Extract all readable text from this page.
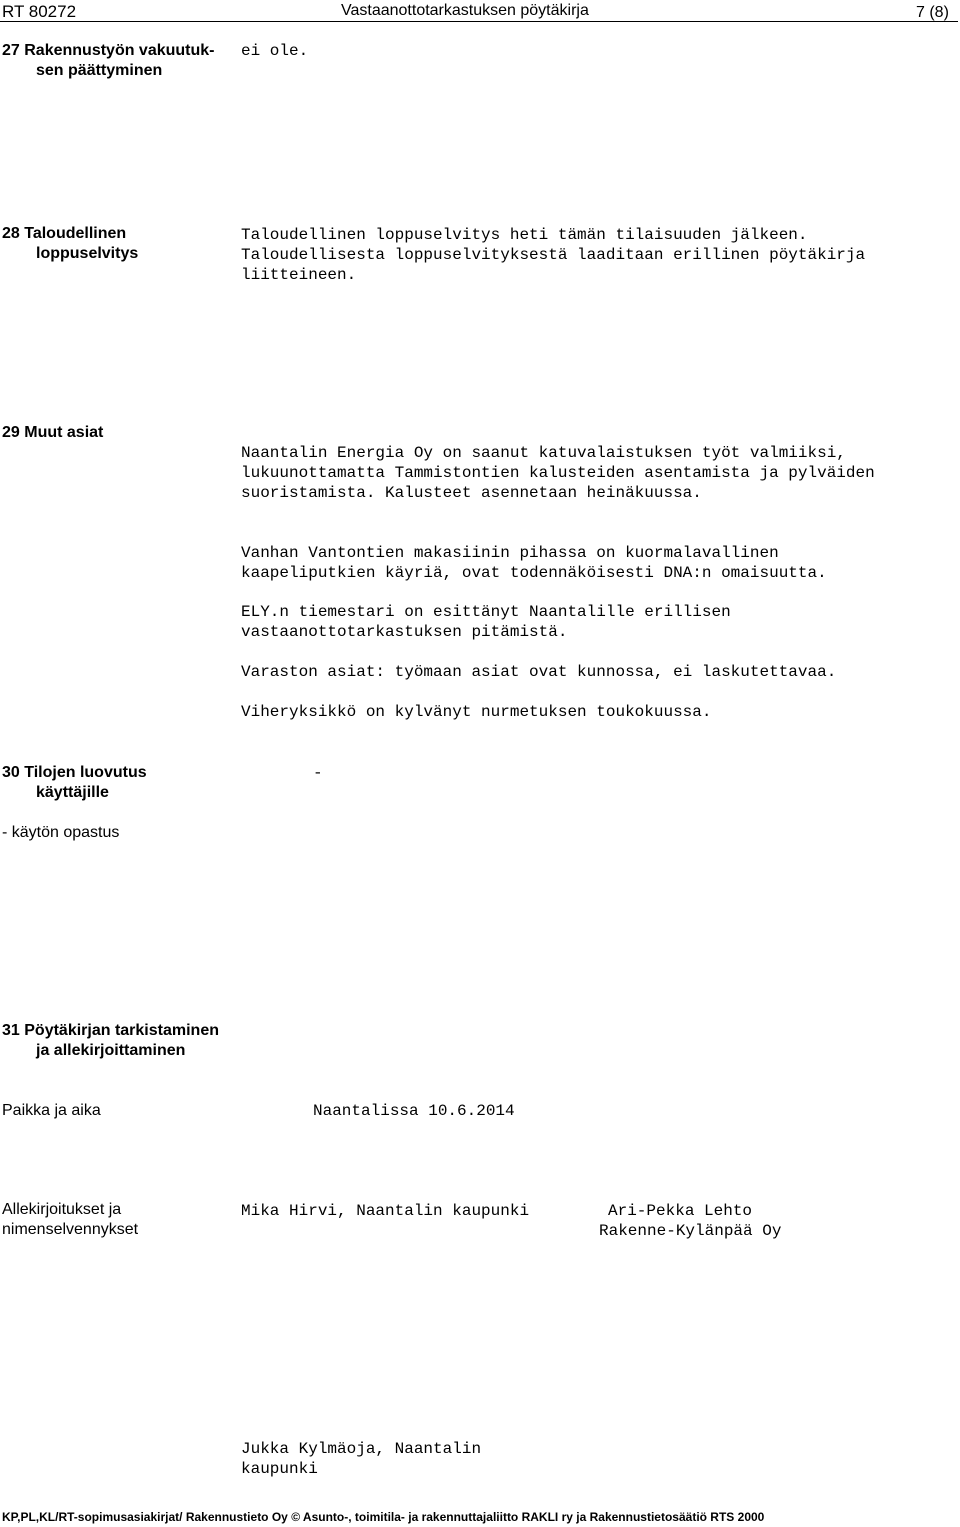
RT 80272	Vastaanottotarkastuksen pöytäkirja	7 (8)
27 Rakennustyön vakuutuk-
sen päättyminen
ei ole.
28 Taloudellinen
loppuselvitys
Taloudellinen loppuselvitys heti tämän tilaisuuden jälkeen.
Taloudellisesta loppuselvityksestä laaditaan erillinen pöytäkirja
liitteineen.
29 Muut asiat
Naantalin Energia Oy on saanut katuvalaistuksen työt valmiiksi,
lukuunottamatta Tammistontien kalusteiden asentamista ja pylväiden
suoristamista. Kalusteet asennetaan heinäkuussa.
Vanhan Vantontien makasiinin pihassa on kuormalavallinen
kaapeliputkien käyriä, ovat todennäköisesti DNA:n omaisuutta.
ELY.n tiemestari on esittänyt Naantalille erillisen
vastaanottotarkastuksen pitämistä.
Varaston asiat: työmaan asiat ovat kunnossa, ei laskutettavaa.
Viheryksikkö on kylvänyt nurmetuksen toukokuussa.
30 Tilojen luovutus
käyttäjille
-
- käytön opastus
31 Pöytäkirjan tarkistaminen
ja allekirjoittaminen
Paikka ja aika	Naantalissa 10.6.2014
Allekirjoitukset ja
nimenselvennykset
Mika Hirvi, Naantalin kaupunki	Ari-Pekka Lehto
Rakenne-Kylänpää Oy
Jukka Kylmäoja, Naantalin
kaupunki
KP,PL,KL/RT-sopimusasiakirjat/ Rakennustieto Oy © Asunto-, toimitila- ja rakennuttajaliitto RAKLI ry ja Rakennustietosäätiö RTS 2000
